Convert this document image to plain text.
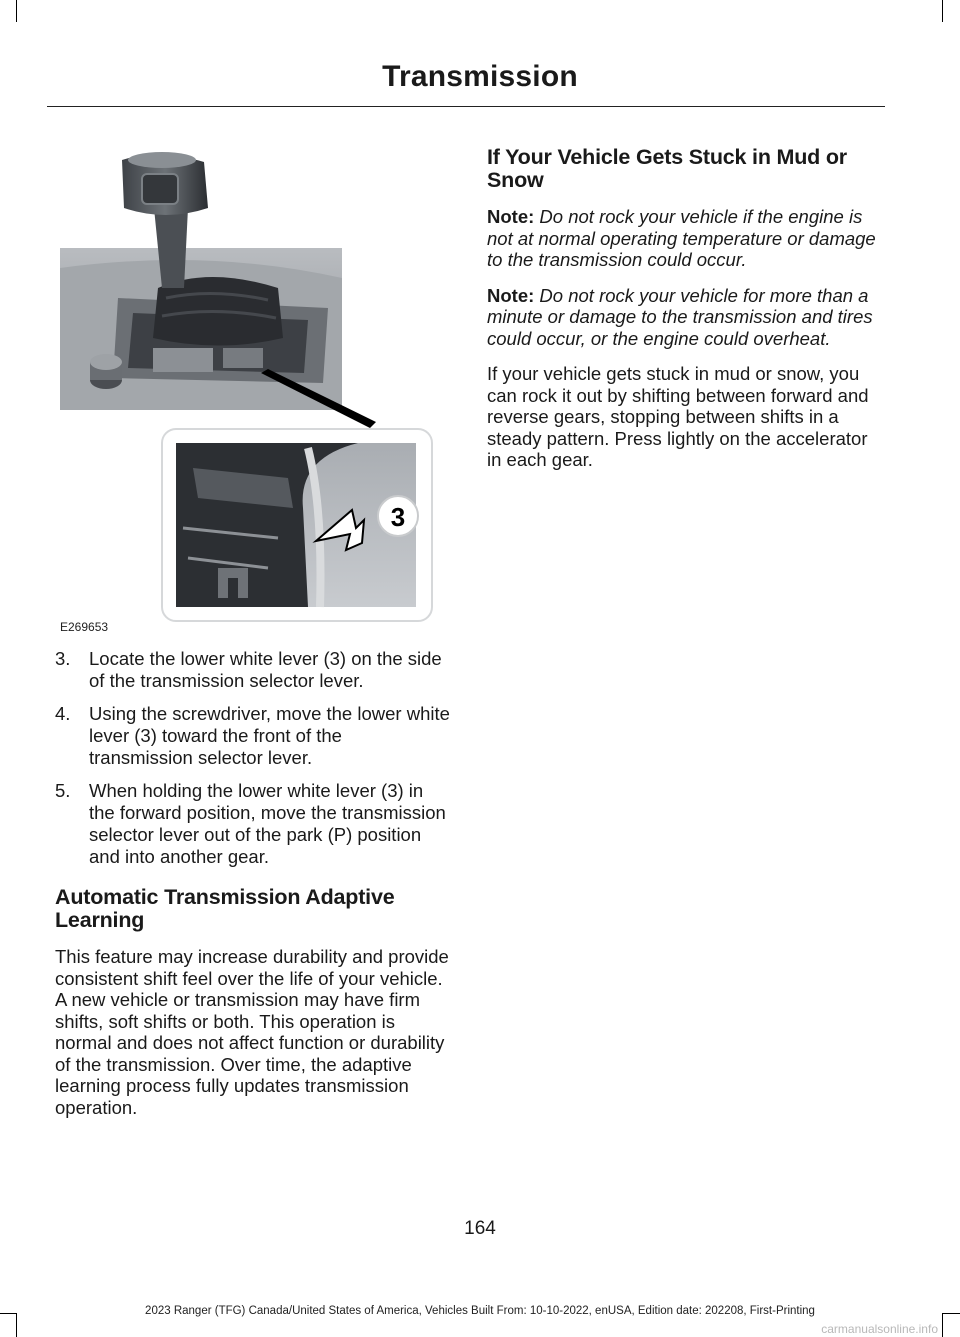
Transmission
3
E269653
3. Locate the lower white lever (3) on the side of the transmission selector lever.
4. Using the screwdriver, move the lower white lever (3) toward the front of the transmission selector lever.
5. When holding the lower white lever (3) in the forward position, move the transmission selector lever out of the park (P) position and into another gear.
Automatic Transmission Adaptive Learning

This feature may increase durability and provide consistent shift feel over the life of your vehicle. A new vehicle or transmission may have firm shifts, soft shifts or both. This operation is normal and does not affect function or durability of the transmission. Over time, the adaptive learning process fully updates transmission operation.

If Your Vehicle Gets Stuck in Mud or Snow

Note: Do not rock your vehicle if the engine is not at normal operating temperature or damage to the transmission could occur.

Note: Do not rock your vehicle for more than a minute or damage to the transmission and tires could occur, or the engine could overheat.

If your vehicle gets stuck in mud or snow, you can rock it out by shifting between forward and reverse gears, stopping between shifts in a steady pattern. Press lightly on the accelerator in each gear.

164
2023 Ranger (TFG) Canada/United States of America, Vehicles Built From: 10-10-2022, enUSA, Edition date: 202208, First-Printing
carmanualsonline.info
